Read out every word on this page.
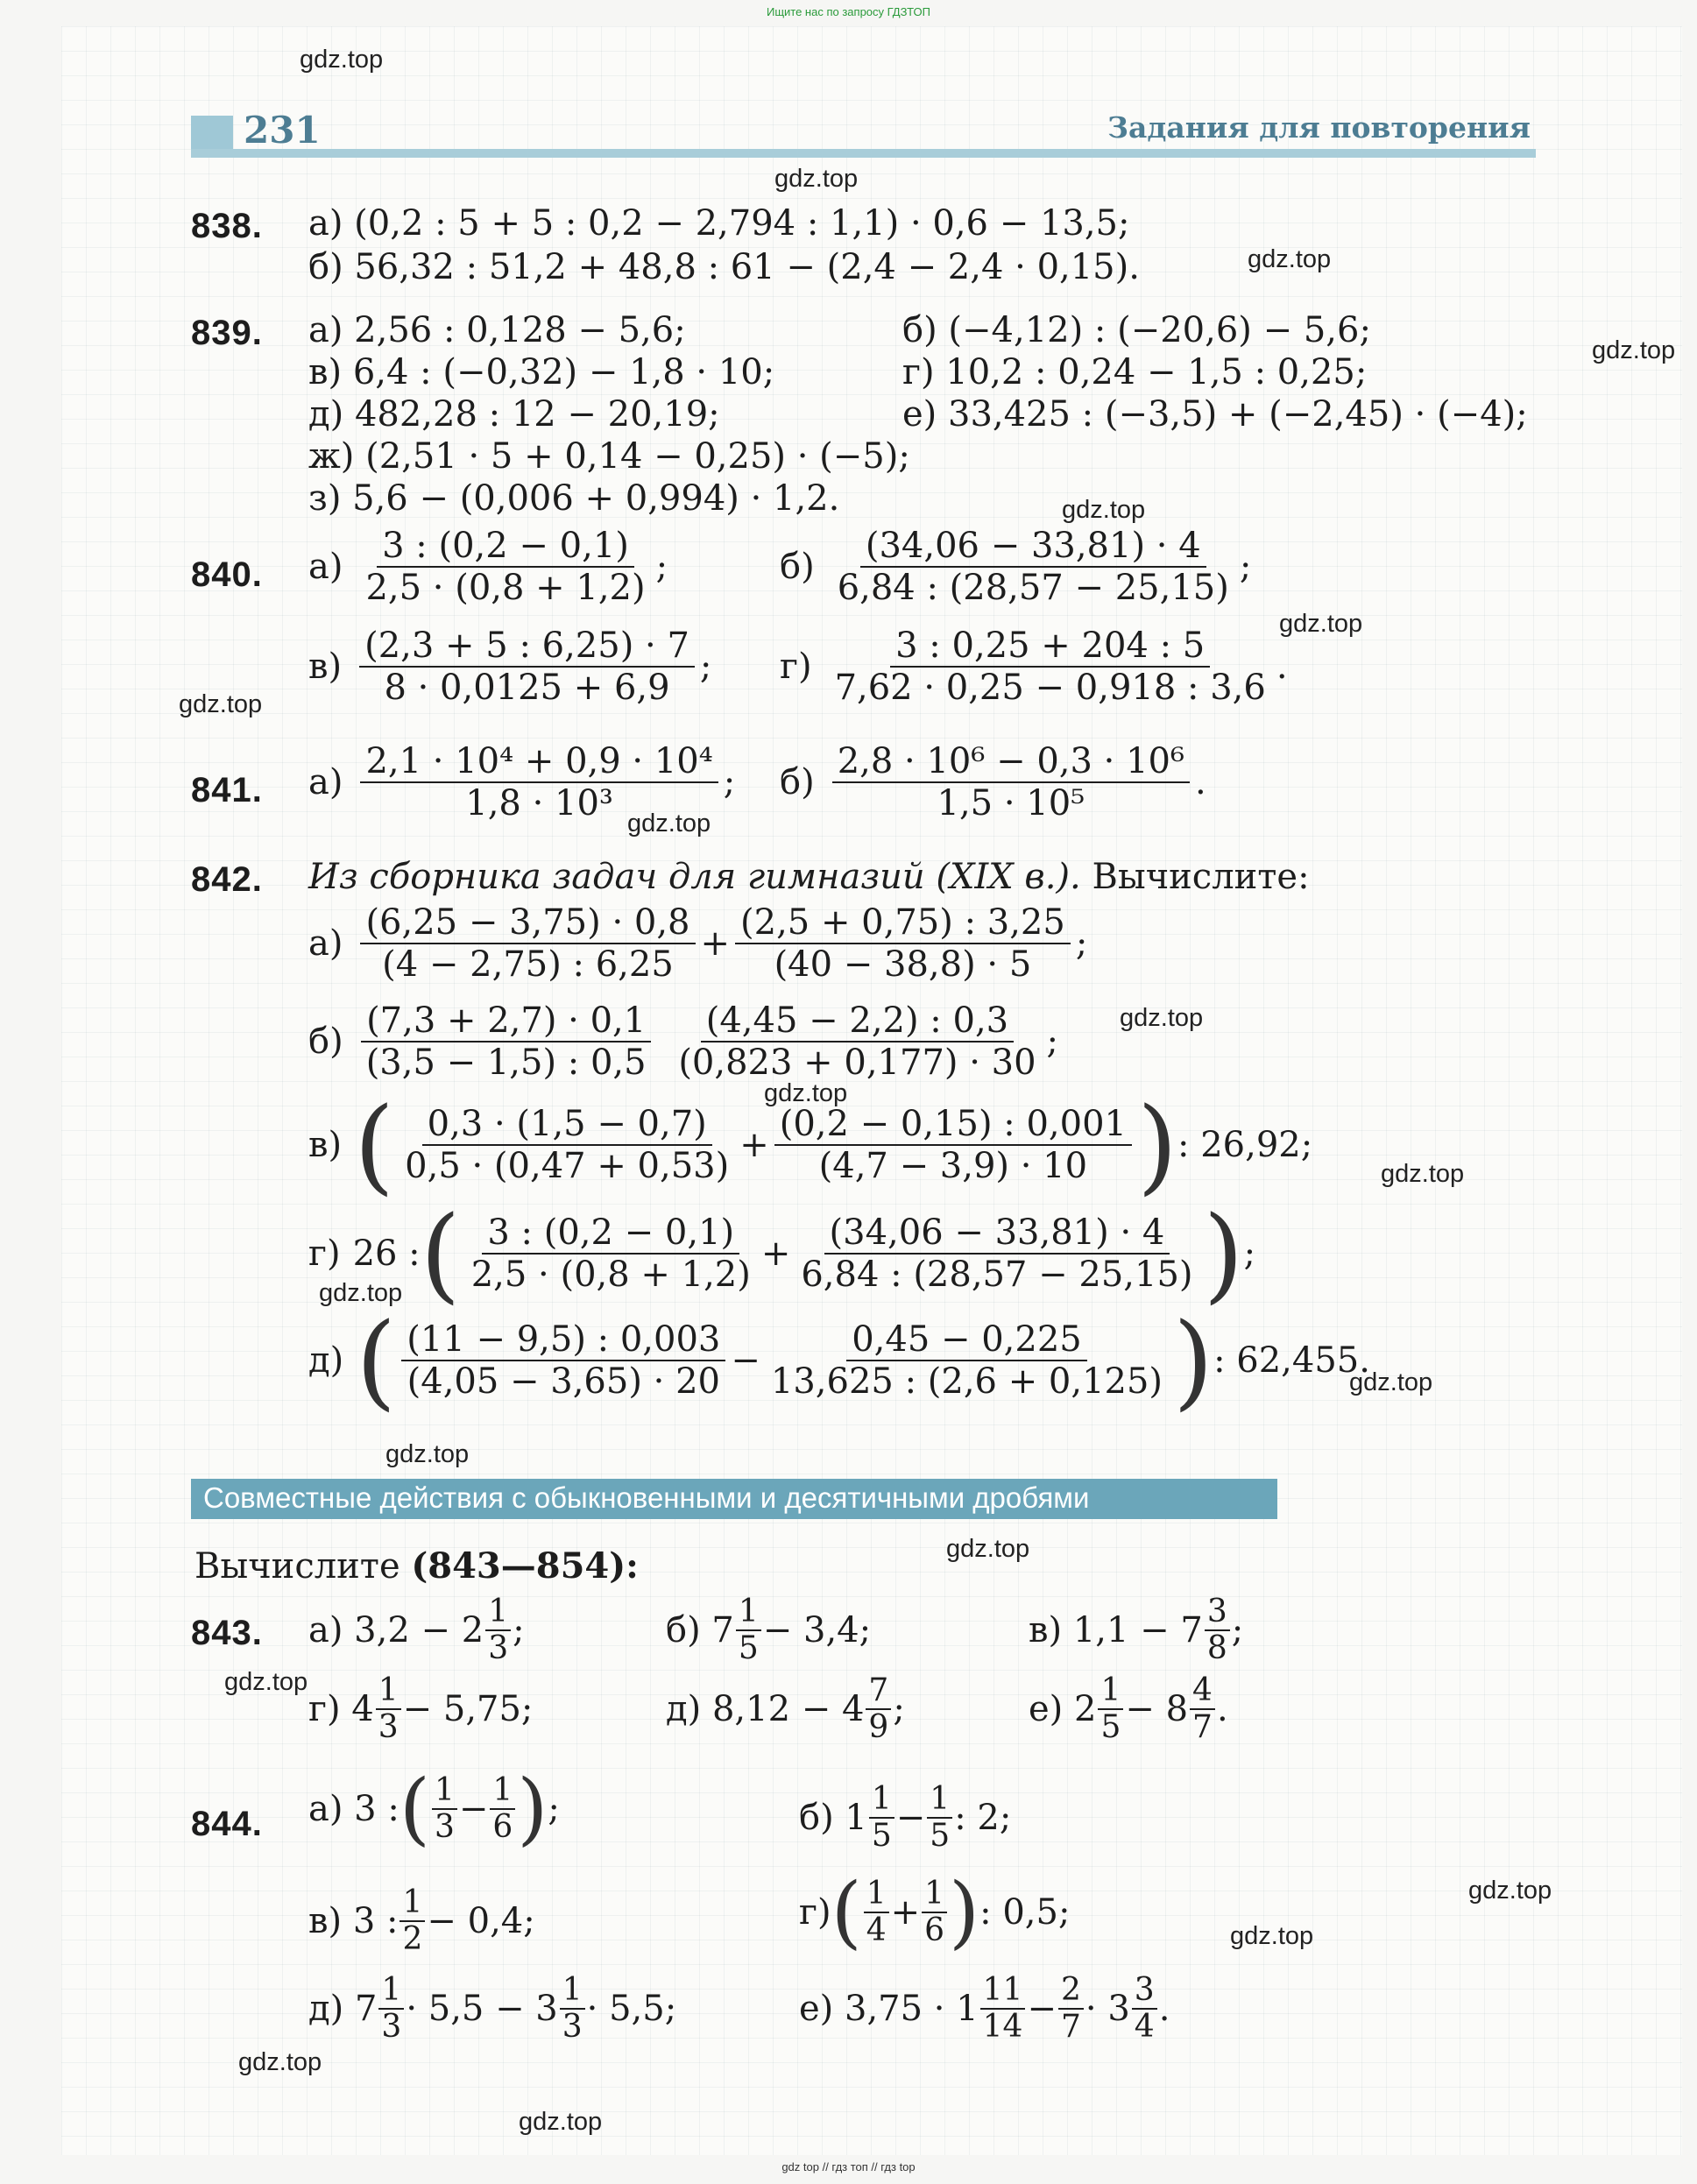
Ищите нас по запросу ГДЗТОП
231	Задания для повторения
838. а) (0,2 : 5 + 5 : 0,2 − 2,794 : 1,1) · 0,6 − 13,5;
б) 56,32 : 51,2 + 48,8 : 61 − (2,4 − 2,4 · 0,15).
839. а) 2,56 : 0,128 − 5,6;	б) (−4,12) : (−20,6) − 5,6;
в) 6,4 : (−0,32) − 1,8 · 10;	г) 10,2 : 0,24 − 1,5 : 0,25;
д) 482,28 : 12 − 20,19;	е) 33,425 : (−3,5) + (−2,45) · (−4);
ж) (2,51 · 5 + 0,14 − 0,25) · (−5);
з) 5,6 − (0,006 + 0,994) · 1,2.
840. $а) \frac{3 : (0,2 - 0,1)}{2,5 \cdot (0,8 + 1,2)}$ ;	$б) \frac{(34,06 - 33,81) \cdot 4}{6,84 : (28,57 - 25,15)}$ ;
$в) \frac{(2,3 + 5 : 6,25) \cdot 7}{8 \cdot 0,0125 + 6,9}$ ; $г) \frac{3 : 0,25 + 204 : 5}{7,62 \cdot 0,25 - 0,918 : 3,6}$ .
841. $а) \frac{\text{2,1 · 10⁴ + 0,9 · 10⁴}}{\text{1,8 · 10³}}$ ; $б) \frac{\text{2,8 · 10⁶ − 0,3 · 10⁶}}{\text{1,5 · 10⁵}}$ .
842. Из сборника задач для гимназий (XIX в.). Вычислите:
$а) \frac{(6,25 - 3,75) \cdot 0,8}{(4 - 2,75) : 6,25} + \frac{(2,5 + 0,75) : 3,25}{(40 - 38,8) \cdot 5}$ ;
$б) \frac{(7,3 + 2,7) \cdot 0,1}{(3,5 - 1,5) : 0,5}$
$\frac{(4,45 - 2,2) : 0,3}{(0,823 + 0,177) \cdot 30}$ ;
в) ( $\frac{0,3 \cdot (1,5 - 0,7)}{0,5 \cdot (0,47 + 0,53)} + \frac{(0,2 - 0,15) : 0,001}{(4,7 - 3,9) \cdot 10}$ ) : 26,92;
г) 26 : ( $\frac{3 : (0,2 - 0,1)}{2,5 \cdot (0,8 + 1,2)} + \frac{(34,06 - 33,81) \cdot 4}{6,84 : (28,57 - 25,15)}$ ) ;
д) ( $\frac{(11 - 9,5) : 0,003}{(4,05 - 3,65) \cdot 20} - \frac{0,45 - 0,225}{13,625 : (2,6 + 0,125)}$ ) : 62,455.
Совместные действия с обыкновенными и десятичными дробями
Вычислите (843—854):
843. а) $3,2 - 2 \frac{1}{3}$ ;	б) $7 \frac{1}{5} - 3,4$;	в) $1,1 - 7 \frac{3}{8}$ ;
г) $4 \frac{1}{3} - 5,75$;	д) $8,12 - 4 \frac{7}{9}$ ;	е) $2 \frac{1}{5} - 8 \frac{4}{7}$ .
844. а) 3 : ( $\frac{1}{3} - \frac{1}{6}$ ) ;	б) $1 \frac{1}{5} - \frac{1}{5}$ : 2;
в) 3 : $\frac{1}{2} - 0,4$;	г) ( $\frac{1}{4} + \frac{1}{6}$ ) : 0,5;
д) $7 \frac{1}{3} \cdot 5,5 - 3 \frac{1}{3} \cdot 5,5$;	е) $3,75 \cdot 1 \frac{11}{14} - \frac{2}{7} \cdot 3 \frac{3}{4}$ .
gdz.top
gdz.top
gdz.top
gdz.top
gdz.top
gdz.top
gdz.top
gdz.top
gdz.top
gdz.top
gdz.top
gdz.top
gdz.top
gdz.top
gdz.top
gdz.top
gdz.top
gdz.top
gdz.top
gdz.top
gdz top // гдз топ // гдз top
